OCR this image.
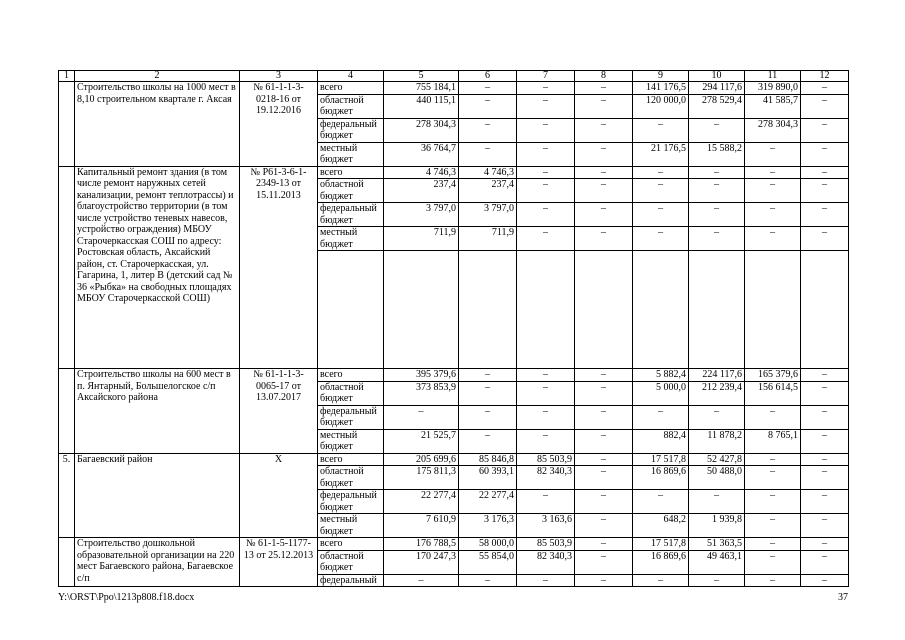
1	2	3	4	5	6	7	8	9	10	11	12
	Строительство школы на 1000 мест в 8,10 строительном квартале г. Аксая	№ 61-1-1-3-0218-16 от 19.12.2016	всего	755 184,1	–	–	–	141 176,5	294 117,6	319 890,0	–
			областной бюджет	440 115,1	–	–	–	120 000,0	278 529,4	41 585,7	–
			федеральный бюджет	278 304,3	–	–	–	–	–	278 304,3	–
			местный бюджет	36 764,7	–	–	–	21 176,5	15 588,2	–	–
	Капитальный ремонт здания (в том числе ремонт наружных сетей канализации, ремонт теплотрассы) и благоустройство территории (в том числе устройство теневых навесов, устройство ограждения) МБОУ Старочеркасская СОШ по адресу: Ростовская область, Аксайский район, ст. Старочеркасская, ул. Гагарина, 1, литер В (детский сад № 36 «Рыбка» на свободных площадях МБОУ Старочеркасской СОШ)	№ Р61-3-6-1-2349-13 от 15.11.2013	всего	4 746,3	4 746,3	–	–	–	–	–	–
			областной бюджет	237,4	237,4	–	–	–	–	–	–
			федеральный бюджет	3 797,0	3 797,0	–	–	–	–	–	–
			местный бюджет	711,9	711,9	–	–	–	–	–	–

	Строительство школы на 600 мест в п. Янтарный, Большелогское с/п Аксайского района	№ 61-1-1-3-0065-17 от 13.07.2017	всего	395 379,6	–	–	–	5 882,4	224 117,6	165 379,6	–
			областной бюджет	373 853,9	–	–	–	5 000,0	212 239,4	156 614,5	–
			федеральный бюджет	–	–	–	–	–	–	–	–
			местный бюджет	21 525,7	–	–	–	882,4	11 878,2	8 765,1	–
5.	Багаевский район	Х	всего	205 699,6	85 846,8	85 503,9	–	17 517,8	52 427,8	–	–
			областной бюджет	175 811,3	60 393,1	82 340,3	–	16 869,6	50 488,0	–	–
			федеральный бюджет	22 277,4	22 277,4	–	–	–	–	–	–
			местный бюджет	7 610,9	3 176,3	3 163,6	–	648,2	1 939,8	–	–
	Строительство дошкольной образовательной организации на 220 мест Багаевского района, Багаевское с/п	№ 61-1-5-1177-13 от 25.12.2013	всего	176 788,5	58 000,0	85 503,9	–	17 517,8	51 363,5	–	–
			областной бюджет	170 247,3	55 854,0	82 340,3	–	16 869,6	49 463,1	–	–
			федеральный	–	–	–	–	–	–	–	–
Y:\ORST\Ppo\1213p808.f18.docx	37
